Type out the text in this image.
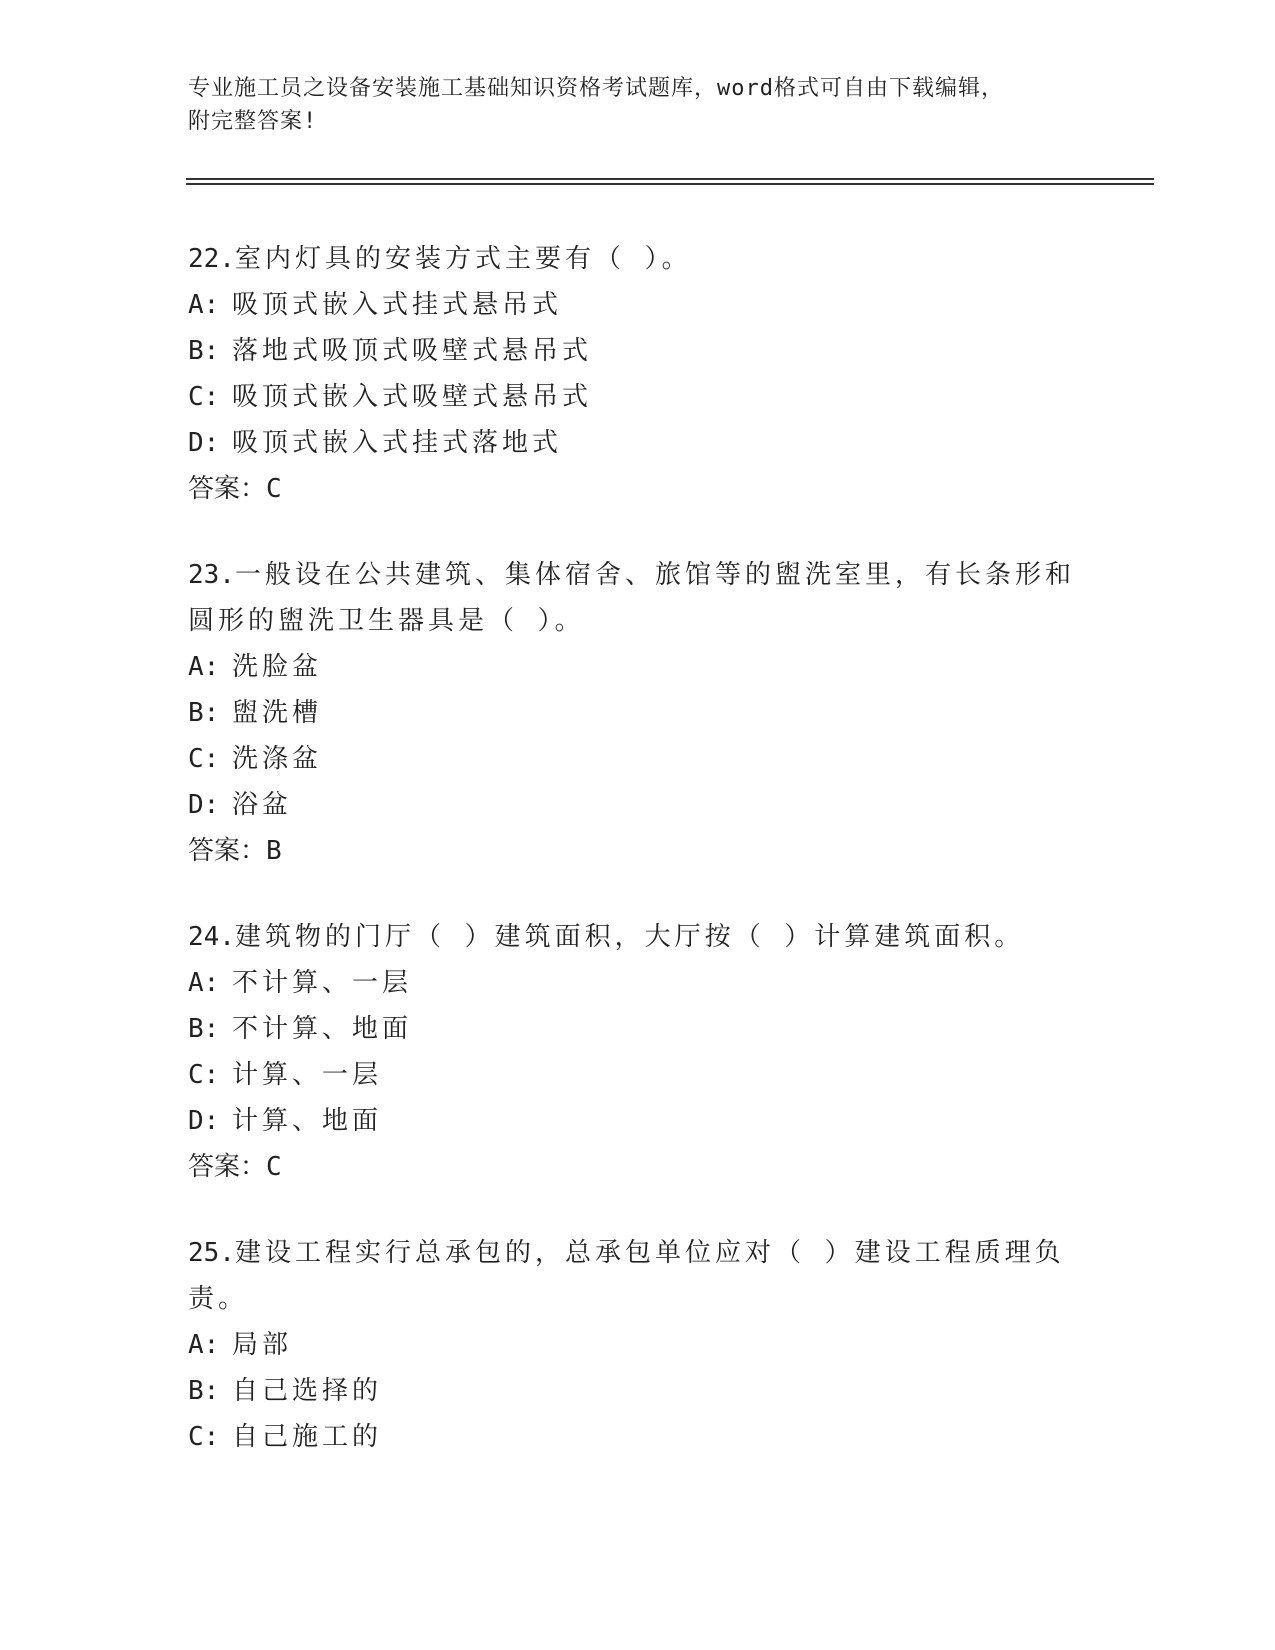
专业施工员之设备安装施工基础知识资格考试题库，word格式可自由下载编辑，
附完整答案!
22.室内灯具的安装方式主要有（ ）。
A: 吸顶式嵌入式挂式悬吊式
B: 落地式吸顶式吸壁式悬吊式
C: 吸顶式嵌入式吸壁式悬吊式
D: 吸顶式嵌入式挂式落地式
答案：C
23.一般设在公共建筑、集体宿舍、旅馆等的盥洗室里，有长条形和圆形的盥洗卫生器具是（ ）。
A: 洗脸盆
B: 盥洗槽
C: 洗涤盆
D: 浴盆
答案：B
24.建筑物的门厅（ ）建筑面积，大厅按（ ）计算建筑面积。
A: 不计算、一层
B: 不计算、地面
C: 计算、一层
D: 计算、地面
答案：C
25.建设工程实行总承包的，总承包单位应对（ ）建设工程质理负责。
A: 局部
B: 自己选择的
C: 自己施工的
